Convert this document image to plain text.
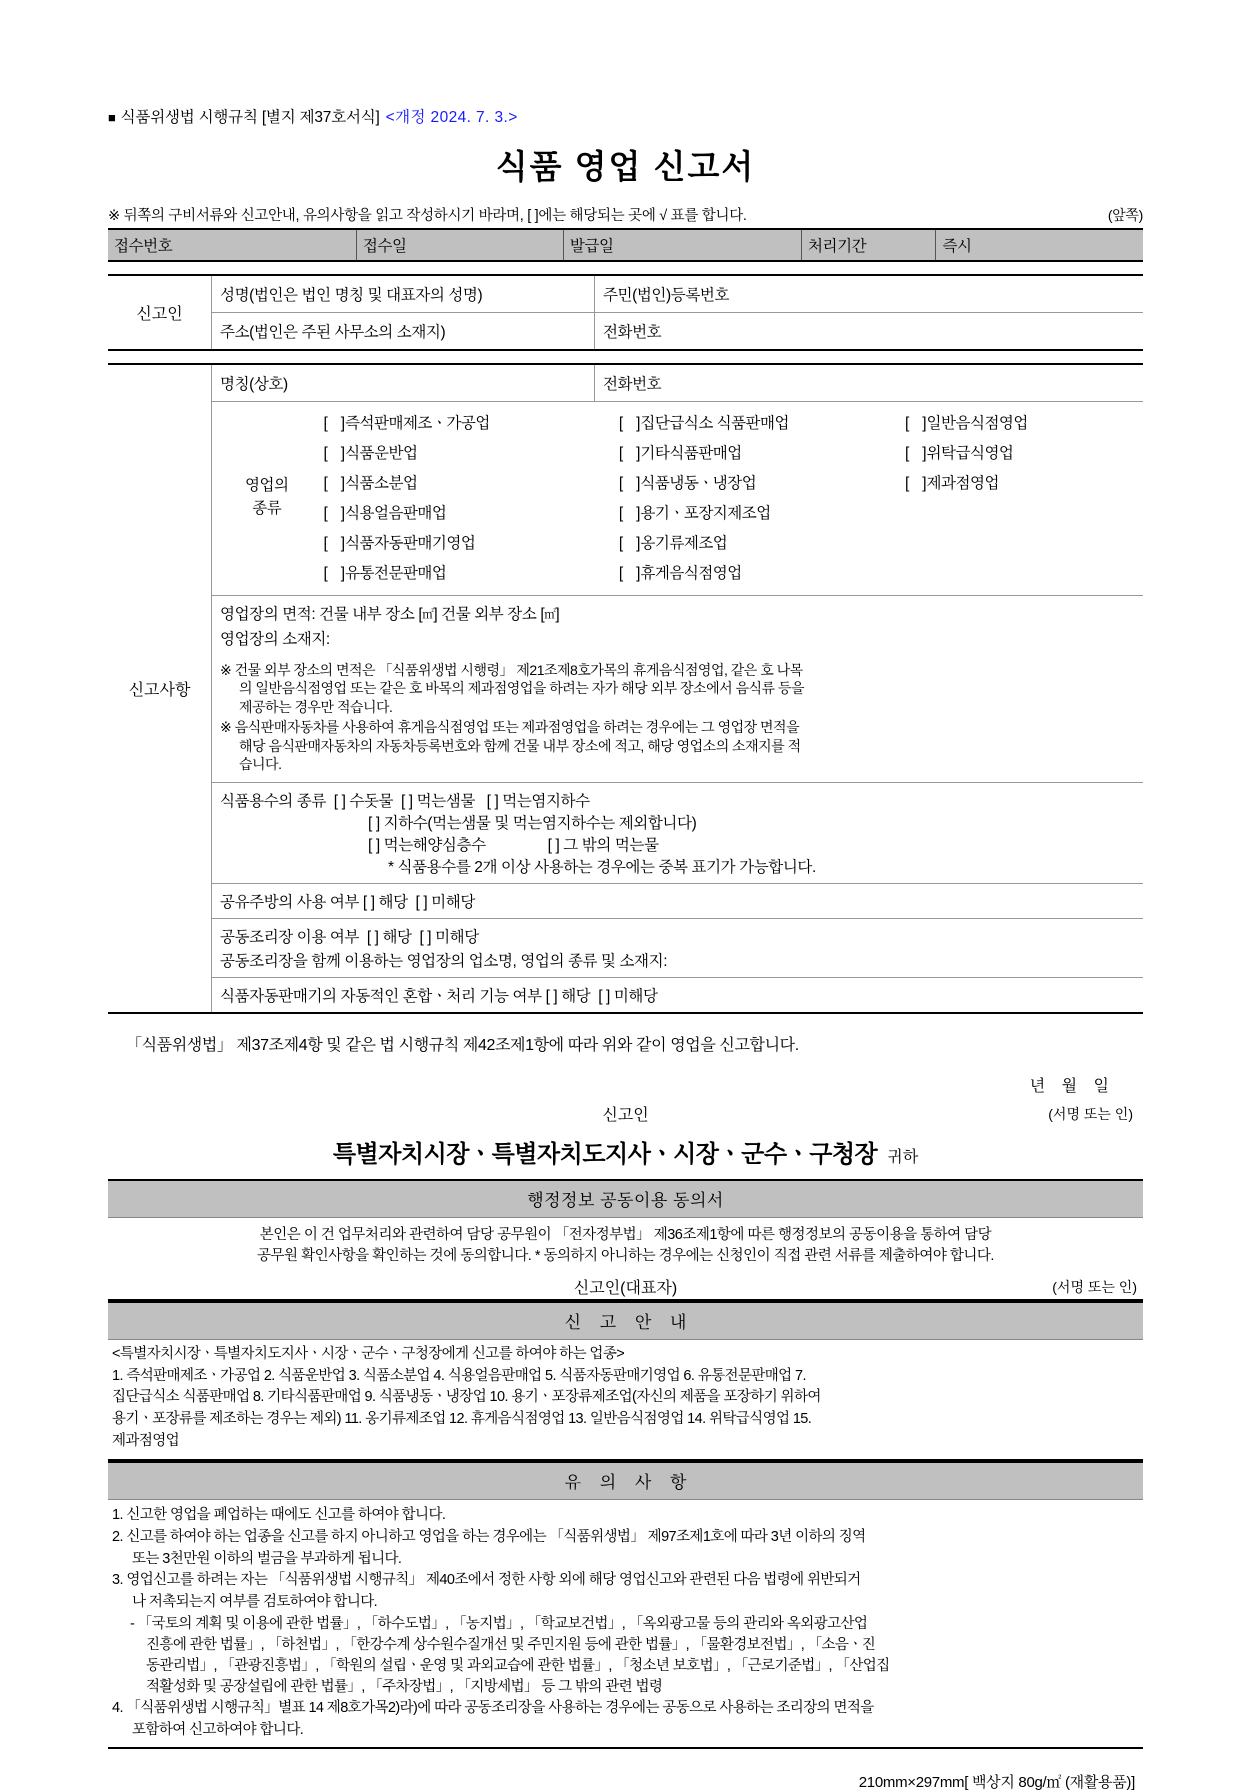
■ 식품위생법 시행규칙 [별지 제37호서식] <개정 2024. 7. 3.>
식품 영업 신고서
※ 뒤쪽의 구비서류와 신고안내, 유의사항을 읽고 작성하시기 바라며, [ ]에는 해당되는 곳에 √ 표를 합니다.	(앞쪽)
접수번호	접수일	발급일	처리기간	즉시
신고인	성명(법인은 법인 명칭 및 대표자의 성명)	주민(법인)등록번호
	주소(법인은 주된 사무소의 소재지)	전화번호
신고사항	명칭(상호)	전화번호

영업의
종류	[   ]즉석판매제조ㆍ가공업	[   ]집단급식소 식품판매업	[   ]일반음식점영업
[   ]식품운반업	[   ]기타식품판매업	[   ]위탁급식영업
[   ]식품소분업	[   ]식품냉동ㆍ냉장업	[   ]제과점영업
[   ]식용얼음판매업	[   ]용기ㆍ포장지제조업	
[   ]식품자동판매기영업	[   ]옹기류제조업	
[   ]유통전문판매업	[   ]휴게음식점영업	

영업장의 면적: 건물 내부 장소 [㎡] 건물 외부 장소 [㎡]
영업장의 소재지:

※ 건물 외부 장소의 면적은 「식품위생법 시행령」 제21조제8호가목의 휴게음식점영업, 같은 호 나목
의 일반음식점영업 또는 같은 호 바목의 제과점영업을 하려는 자가 해당 외부 장소에서 음식류 등을
제공하는 경우만 적습니다.
※ 음식판매자동차를 사용하여 휴게음식점영업 또는 제과점영업을 하려는 경우에는 그 영업장 면적을
해당 음식판매자동차의 자동차등록번호와 함께 건물 내부 장소에 적고, 해당 영업소의 소재지를 적
습니다.

식품용수의 종류  [ ] 수돗물  [ ] 먹는샘물   [ ] 먹는염지하수
[ ] 지하수(먹는샘물 및 먹는염지하수는 제외합니다)
[ ] 먹는해양심층수	[ ] 그 밖의 먹는물
* 식품용수를 2개 이상 사용하는 경우에는 중복 표기가 가능합니다.

공유주방의 사용 여부 [ ] 해당  [ ] 미해당

공동조리장 이용 여부  [ ] 해당  [ ] 미해당
공동조리장을 함께 이용하는 영업장의 업소명, 영업의 종류 및 소재지:

식품자동판매기의 자동적인 혼합ㆍ처리 기능 여부 [ ] 해당  [ ] 미해당
「식품위생법」 제37조제4항 및 같은 법 시행규칙 제42조제1항에 따라 위와 같이 영업을 신고합니다.
년 월 일
신고인	(서명 또는 인)
특별자치시장ㆍ특별자치도지사ㆍ시장ㆍ군수ㆍ구청장 귀하
행정정보 공동이용 동의서
본인은 이 건 업무처리와 관련하여 담당 공무원이 「전자정부법」 제36조제1항에 따른 행정정보의 공동이용을 통하여 담당
공무원 확인사항을 확인하는 것에 동의합니다. * 동의하지 아니하는 경우에는 신청인이 직접 관련 서류를 제출하여야 합니다.
신고인(대표자)	(서명 또는 인)
신 고 안 내
<특별자치시장ㆍ특별자치도지사ㆍ시장ㆍ군수ㆍ구청장에게 신고를 하여야 하는 업종>
1. 즉석판매제조ㆍ가공업 2. 식품운반업 3. 식품소분업 4. 식용얼음판매업 5. 식품자동판매기영업 6. 유통전문판매업 7.
집단급식소 식품판매업 8. 기타식품판매업 9. 식품냉동ㆍ냉장업 10. 용기ㆍ포장류제조업(자신의 제품을 포장하기 위하여
용기ㆍ포장류를 제조하는 경우는 제외) 11. 옹기류제조업 12. 휴게음식점영업 13. 일반음식점영업 14. 위탁급식영업 15.
제과점영업
유 의 사 항
1. 신고한 영업을 폐업하는 때에도 신고를 하여야 합니다.
2. 신고를 하여야 하는 업종을 신고를 하지 아니하고 영업을 하는 경우에는 「식품위생법」 제97조제1호에 따라 3년 이하의 징역
또는 3천만원 이하의 벌금을 부과하게 됩니다.
3. 영업신고를 하려는 자는 「식품위생법 시행규칙」 제40조에서 정한 사항 외에 해당 영업신고와 관련된 다음 법령에 위반되거
나 저촉되는지 여부를 검토하여야 합니다.
- 「국토의 계획 및 이용에 관한 법률」, 「하수도법」, 「농지법」, 「학교보건법」, 「옥외광고물 등의 관리와 옥외광고산업
진흥에 관한 법률」, 「하천법」, 「한강수계 상수원수질개선 및 주민지원 등에 관한 법률」, 「물환경보전법」, 「소음ㆍ진
동관리법」, 「관광진흥법」, 「학원의 설립ㆍ운영 및 과외교습에 관한 법률」, 「청소년 보호법」, 「근로기준법」, 「산업집
적활성화 및 공장설립에 관한 법률」, 「주차장법」, 「지방세법」 등 그 밖의 관련 법령
4. 「식품위생법 시행규칙」별표 14 제8호가목2)라)에 따라 공동조리장을 사용하는 경우에는 공동으로 사용하는 조리장의 면적을
포함하여 신고하여야 합니다.
210mm×297mm[ 백상지 80g/㎡ (재활용품)]
